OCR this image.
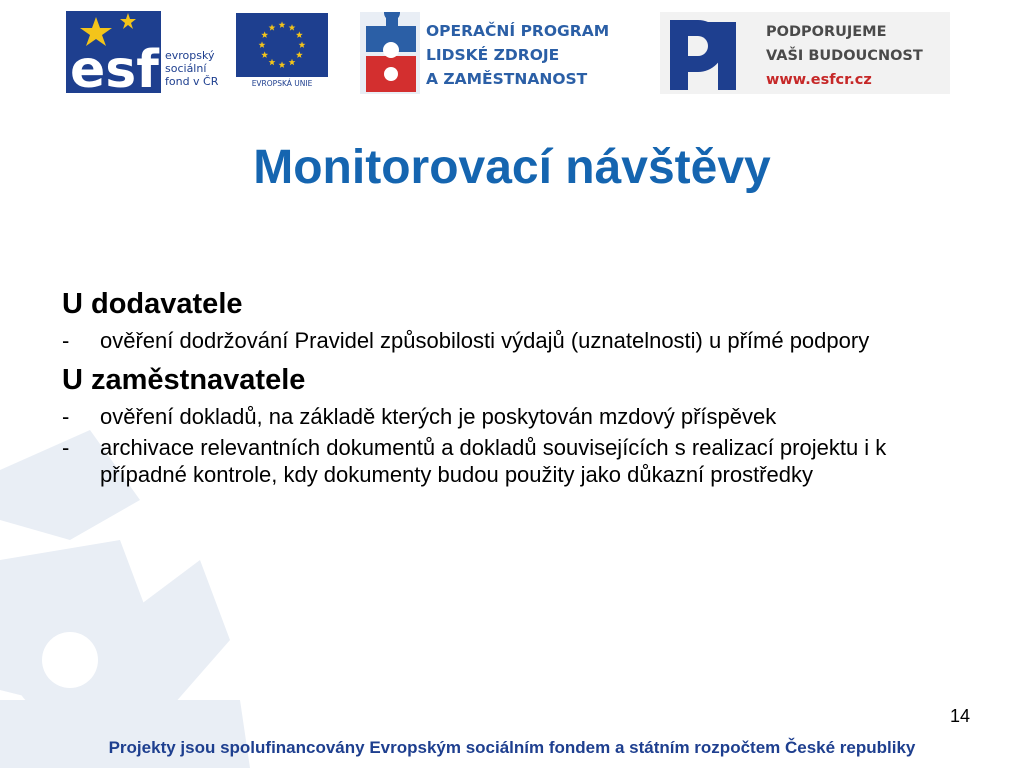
esf evropský
sociální
fond v ČR	EVROPSKÁ UNIE
OPERAČNÍ PROGRAM
LIDSKÉ ZDROJE
A ZAMĚSTNANOST
PODPORUJEME
VAŠI BUDOUCNOST
www.esfcr.cz
Monitorovací návštěvy
U dodavatele
- ověření dodržování Pravidel způsobilosti výdajů (uznatelnosti) u přímé podpory
U zaměstnavatele
- ověření dokladů, na základě kterých je poskytován mzdový příspěvek
- archivace relevantních dokumentů a dokladů souvisejících s realizací projektu i k případné kontrole, kdy dokumenty budou použity jako důkazní prostředky
14
Projekty jsou spolufinancovány Evropským sociálním fondem a státním rozpočtem České republiky
